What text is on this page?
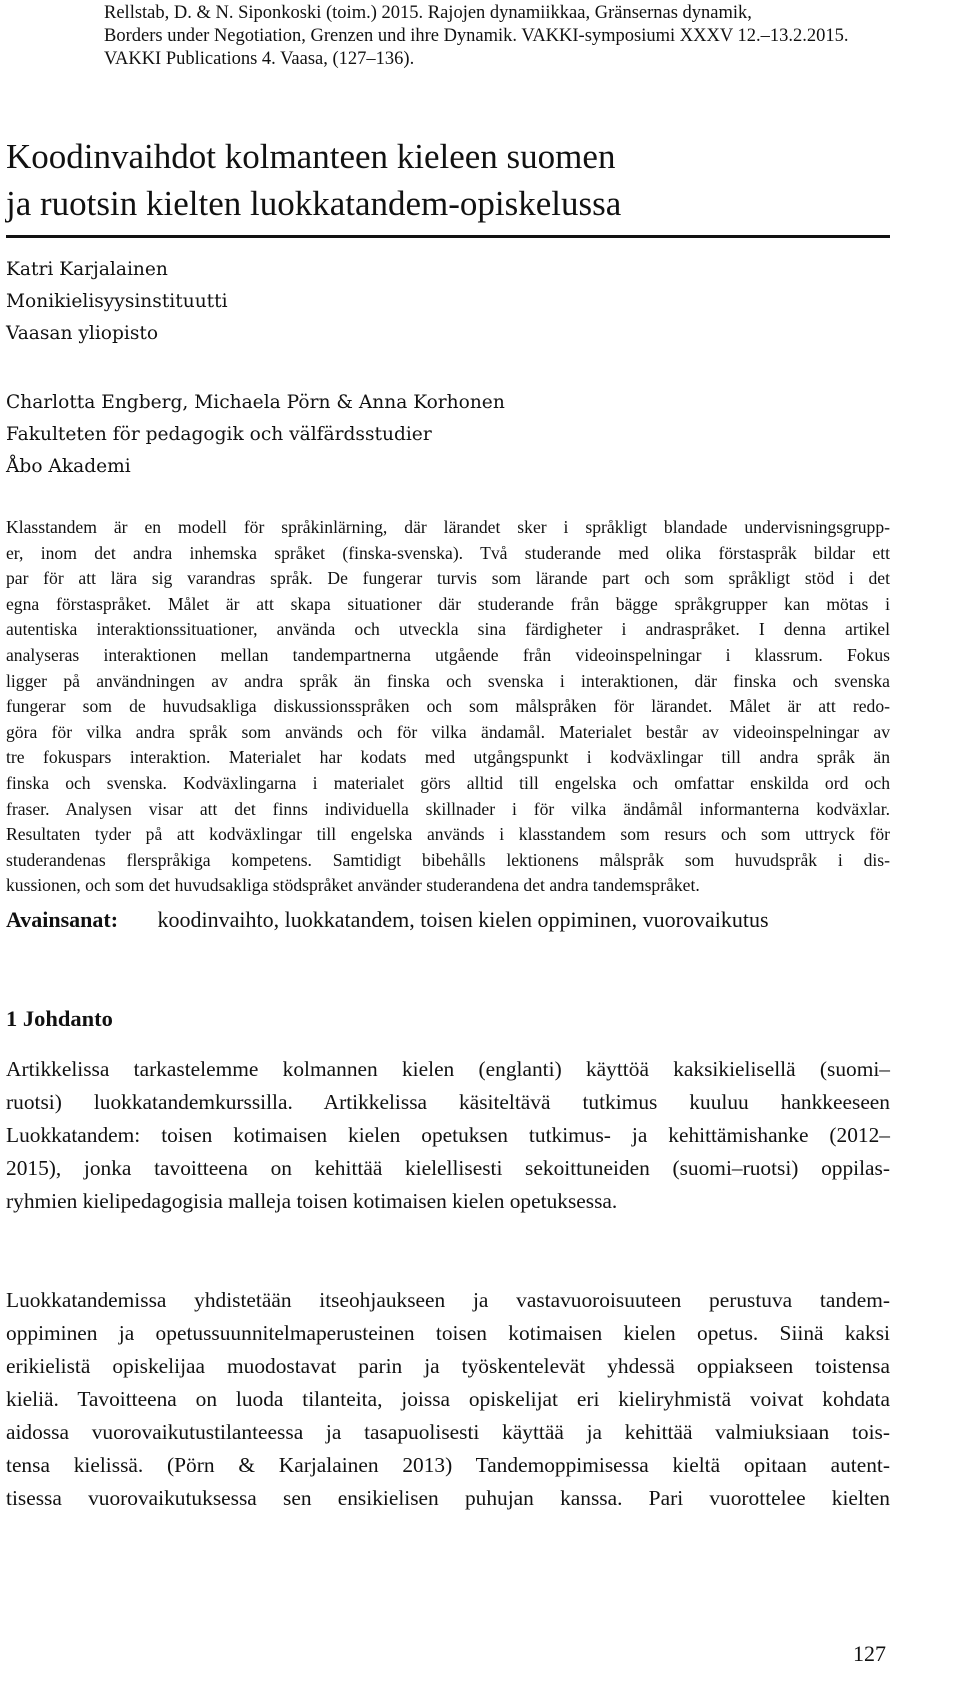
Rellstab, D. & N. Siponkoski (toim.) 2015. Rajojen dynamiikkaa, Gränsernas dynamik,
Borders under Negotiation, Grenzen und ihre Dynamik. VAKKI-symposiumi XXXV 12.–13.2.2015.
VAKKI Publications 4. Vaasa, (127–136).
Koodinvaihdot kolmanteen kieleen suomen
ja ruotsin kielten luokkatandem-opiskelussa
Katri Karjalainen
Monikielisyysinstituutti
Vaasan yliopisto
Charlotta Engberg, Michaela Pörn & Anna Korhonen
Fakulteten för pedagogik och välfärdsstudier
Åbo Akademi
Klasstandem är en modell för språkinlärning, där lärandet sker i språkligt blandade undervisningsgrupp-
er, inom det andra inhemska språket (finska-svenska). Två studerande med olika förstaspråk bildar ett
par för att lära sig varandras språk. De fungerar turvis som lärande part och som språkligt stöd i det
egna förstaspråket. Målet är att skapa situationer där studerande från bägge språkgrupper kan mötas i
autentiska interaktionssituationer, använda och utveckla sina färdigheter i andraspråket. I denna artikel
analyseras interaktionen mellan tandempartnerna utgående från videoinspelningar i klassrum. Fokus
ligger på användningen av andra språk än finska och svenska i interaktionen, där finska och svenska
fungerar som de huvudsakliga diskussionsspråken och som målspråken för lärandet. Målet är att redo-
göra för vilka andra språk som används och för vilka ändamål. Materialet består av videoinspelningar av
tre fokuspars interaktion. Materialet har kodats med utgångspunkt i kodväxlingar till andra språk än
finska och svenska. Kodväxlingarna i materialet görs alltid till engelska och omfattar enskilda ord och
fraser. Analysen visar att det finns individuella skillnader i för vilka ändåmål informanterna kodväxlar.
Resultaten tyder på att kodväxlingar till engelska används i klasstandem som resurs och som uttryck för
studerandenas flerspråkiga kompetens. Samtidigt bibehålls lektionens målspråk som huvudspråk i dis-
kussionen, och som det huvudsakliga stödspråket använder studerandena det andra tandemspråket.
Avainsanat: koodinvaihto, luokkatandem, toisen kielen oppiminen, vuorovaikutus
1 Johdanto
Artikkelissa tarkastelemme kolmannen kielen (englanti) käyttöä kaksikielisellä (suomi–
ruotsi) luokkatandemkurssilla. Artikkelissa käsiteltävä tutkimus kuuluu hankkeeseen
Luokkatandem: toisen kotimaisen kielen opetuksen tutkimus- ja kehittämishanke (2012–
2015), jonka tavoitteena on kehittää kielellisesti sekoittuneiden (suomi–ruotsi) oppilas-
ryhmien kielipedagogisia malleja toisen kotimaisen kielen opetuksessa.
Luokkatandemissa yhdistetään itseohjaukseen ja vastavuoroisuuteen perustuva tandem-
oppiminen ja opetussuunnitelmaperusteinen toisen kotimaisen kielen opetus. Siinä kaksi
erikielistä opiskelijaa muodostavat parin ja työskentelevät yhdessä oppiakseen toistensa
kieliä. Tavoitteena on luoda tilanteita, joissa opiskelijat eri kieliryhmistä voivat kohdata
aidossa vuorovaikutustilanteessa ja tasapuolisesti käyttää ja kehittää valmiuksiaan tois-
tensa kielissä. (Pörn & Karjalainen 2013) Tandemoppimisessa kieltä opitaan autent-
tisessa vuorovaikutuksessa sen ensikielisen puhujan kanssa. Pari vuorottelee kielten
127
